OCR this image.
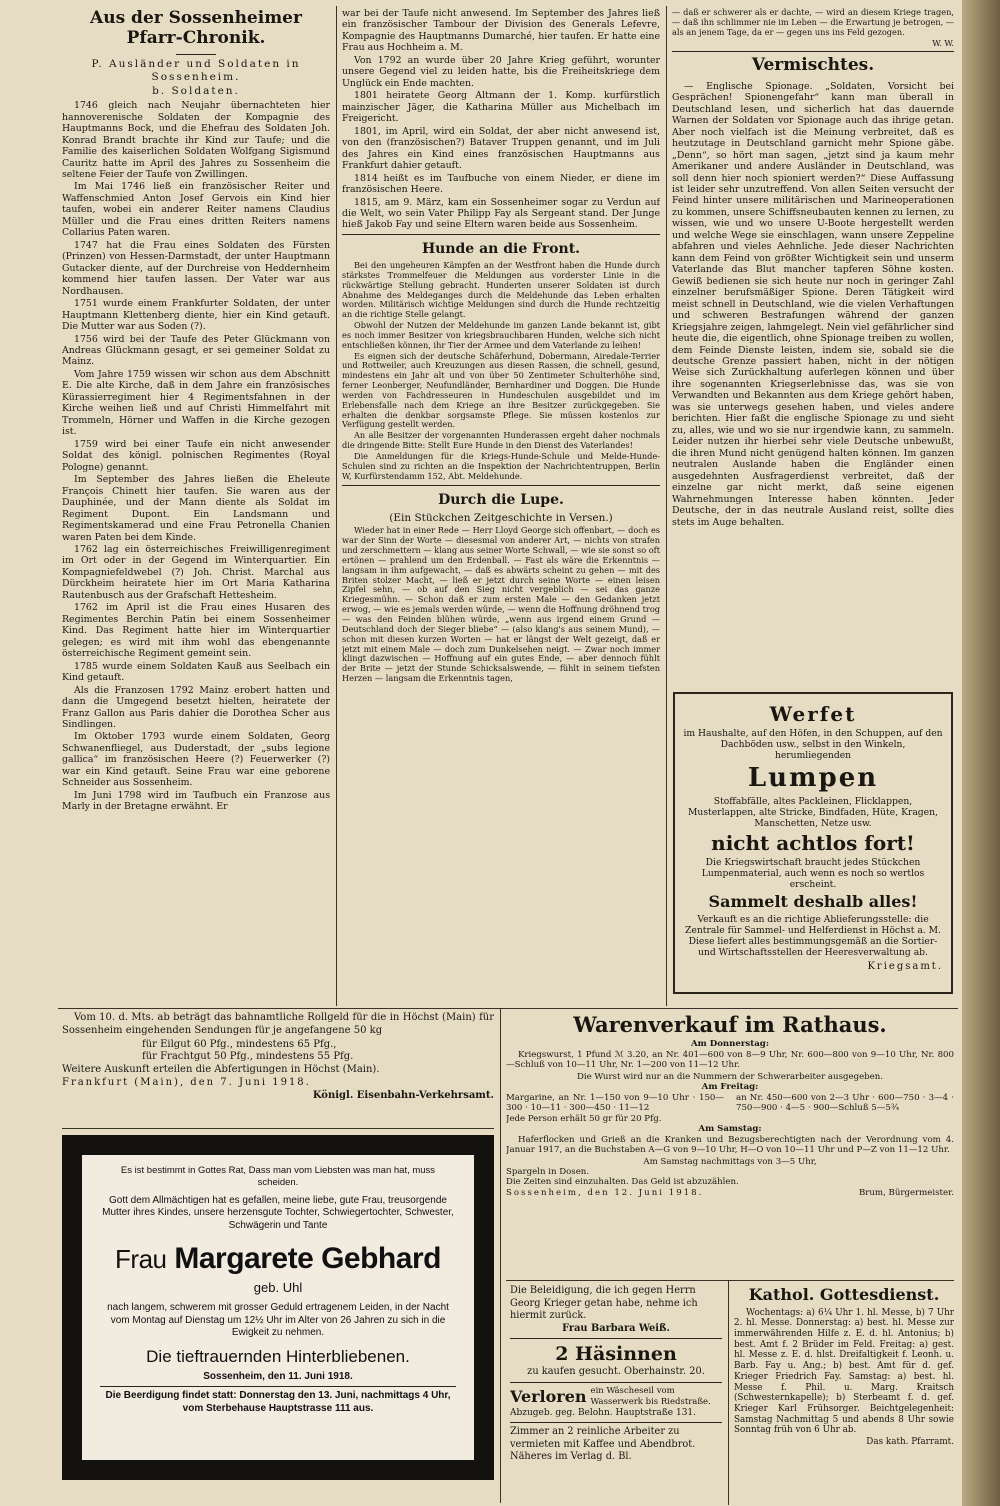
Aus der Sossenheimer Pfarr-Chronik.
P. Ausländer und Soldaten in Sossenheim.
b. Soldaten.

1746 gleich nach Neujahr übernachteten hier hannoverenische Soldaten der Kompagnie des Hauptmanns Bock, und die Ehefrau des Soldaten Joh. Konrad Brandt brachte ihr Kind zur Taufe; und die Familie des kaiserlichen Soldaten Wolfgang Sigismund Cauritz hatte im April des Jahres zu Sossenheim die seltene Feier der Taufe von Zwillingen.

Im Mai 1746 ließ ein französischer Reiter und Waffenschmied Anton Josef Gervois ein Kind hier taufen, wobei ein anderer Reiter namens Claudius Müller und die Frau eines dritten Reiters namens Collarius Paten waren.

1747 hat die Frau eines Soldaten des Fürsten (Prinzen) von Hessen-Darmstadt, der unter Hauptmann Gutacker diente, auf der Durchreise von Heddernheim kommend hier taufen lassen. Der Vater war aus Nordhausen.

1751 wurde einem Frankfurter Soldaten, der unter Hauptmann Klettenberg diente, hier ein Kind getauft. Die Mutter war aus Soden (?).

1756 wird bei der Taufe des Peter Glückmann von Andreas Glückmann gesagt, er sei gemeiner Soldat zu Mainz.

Vom Jahre 1759 wissen wir schon aus dem Abschnitt E. Die alte Kirche, daß in dem Jahre ein französisches Kürassierregiment hier 4 Regimentsfahnen in der Kirche weihen ließ und auf Christi Himmelfahrt mit Trommeln, Hörner und Waffen in die Kirche gezogen ist.

1759 wird bei einer Taufe ein nicht anwesender Soldat des königl. polnischen Regimentes (Royal Pologne) genannt.

Im September des Jahres ließen die Eheleute François Chinett hier taufen. Sie waren aus der Dauphinée, und der Mann diente als Soldat im Regiment Dupont. Ein Landsmann und Regimentskamerad und eine Frau Petronella Chanien waren Paten bei dem Kinde.

1762 lag ein österreichisches Freiwilligenregiment im Ort oder in der Gegend im Winterquartier. Ein Kompagniefeldwebel (?) Joh. Christ. Marchal aus Dürckheim heiratete hier im Ort Maria Katharina Rautenbusch aus der Grafschaft Hettesheim.

1762 im April ist die Frau eines Husaren des Regimentes Berchin Patin bei einem Sossenheimer Kind. Das Regiment hatte hier im Winterquartier gelegen; es wird mit ihm wohl das ebengenannte österreichische Regiment gemeint sein.

1785 wurde einem Soldaten Kauß aus Seelbach ein Kind getauft.

Als die Franzosen 1792 Mainz erobert hatten und dann die Umgegend besetzt hielten, heiratete der Franz Gallon aus Paris dahier die Dorothea Scher aus Sindlingen.

Im Oktober 1793 wurde einem Soldaten, Georg Schwanenfliegel, aus Duderstadt, der „subs legione gallica“ im französischen Heere (?) Feuerwerker (?) war ein Kind getauft. Seine Frau war eine geborene Schneider aus Sossenheim.

Im Juni 1798 wird im Taufbuch ein Franzose aus Marly in der Bretagne erwähnt. Er

war bei der Taufe nicht anwesend. Im September des Jahres ließ ein französischer Tambour der Division des Generals Lefevre, Kompagnie des Hauptmanns Dumarché, hier taufen. Er hatte eine Frau aus Hochheim a. M.

Von 1792 an wurde über 20 Jahre Krieg geführt, worunter unsere Gegend viel zu leiden hatte, bis die Freiheitskriege dem Unglück ein Ende machten.

1801 heiratete Georg Altmann der 1. Komp. kurfürstlich mainzischer Jäger, die Katharina Müller aus Michelbach im Freigericht.

1801, im April, wird ein Soldat, der aber nicht anwesend ist, von den (französischen?) Bataver Truppen genannt, und im Juli des Jahres ein Kind eines französischen Hauptmanns aus Frankfurt dahier getauft.

1814 heißt es im Taufbuche von einem Nieder, er diene im französischen Heere.

1815, am 9. März, kam ein Sossenheimer sogar zu Verdun auf die Welt, wo sein Vater Philipp Fay als Sergeant stand. Der Junge hieß Jakob Fay und seine Eltern waren beide aus Sossenheim.

Hunde an die Front.

Bei den ungeheuren Kämpfen an der Westfront haben die Hunde durch stärkstes Trommelfeuer die Meldungen aus vorderster Linie in die rückwärtige Stellung gebracht. Hunderten unserer Soldaten ist durch Abnahme des Meldeganges durch die Meldehunde das Leben erhalten worden. Militärisch wichtige Meldungen sind durch die Hunde rechtzeitig an die richtige Stelle gelangt.

Obwohl der Nutzen der Meldehunde im ganzen Lande bekannt ist, gibt es noch immer Besitzer von kriegsbrauchbaren Hunden, welche sich nicht entschließen können, ihr Tier der Armee und dem Vaterlande zu leihen!

Es eignen sich der deutsche Schäferhund, Dobermann, Airedale-Terrier und Rottweiler, auch Kreuzungen aus diesen Rassen, die schnell, gesund, mindestens ein Jahr alt und von über 50 Zentimeter Schulterhöhe sind, ferner Leonberger, Neufundländer, Bernhardiner und Doggen. Die Hunde werden von Fachdresseuren in Hundeschulen ausgebildet und im Erlebensfalle nach dem Kriege an ihre Besitzer zurückgegeben. Sie erhalten die denkbar sorgsamste Pflege. Sie müssen kostenlos zur Verfügung gestellt werden.

An alle Besitzer der vorgenannten Hunderassen ergeht daher nochmals die dringende Bitte: Stellt Eure Hunde in den Dienst des Vaterlandes!

Die Anmeldungen für die Kriegs-Hunde-Schule und Melde-Hunde-Schulen sind zu richten an die Inspektion der Nachrichtentruppen, Berlin W, Kurfürstendamm 152, Abt. Meldehunde.

Durch die Lupe.
(Ein Stückchen Zeitgeschichte in Versen.)

Wieder hat in einer Rede — Herr Lloyd George sich offenbart, — doch es war der Sinn der Worte — diesesmal von anderer Art, — nichts von strafen und zerschmettern — klang aus seiner Worte Schwall, — wie sie sonst so oft ertönen — prahlend um den Erdenball. — Fast als wäre die Erkenntnis — langsam in ihm aufgewacht, — daß es abwärts scheint zu gehen — mit des Briten stolzer Macht, — ließ er jetzt durch seine Worte — einen leisen Zipfel sehn, — ob auf den Sieg nicht vergeblich — sei das ganze Kriegesmühn. — Schon daß er zum ersten Male — den Gedanken jetzt erwog, — wie es jemals werden würde, — wenn die Hoffnung dröhnend trog — was den Feinden blühen würde, „wenn aus irgend einem Grund — Deutschland doch der Sieger bliebe“ — (also klang's aus seinem Mund), — schon mit diesen kurzen Worten — hat er längst der Welt gezeigt, daß er jetzt mit einem Male — doch zum Dunkelsehen neigt. — Zwar noch immer klingt dazwischen — Hoffnung auf ein gutes Ende, — aber dennoch fühlt der Brite — jetzt der Stunde Schicksalswende, — fühlt in seinem tiefsten Herzen — langsam die Erkenntnis tagen,

— daß er schwerer als er dachte, — wird an diesem Kriege tragen, — daß ihn schlimmer nie im Leben — die Erwartung je betrogen, — als an jenem Tage, da er — gegen uns ins Feld gezogen.

W. W.
Vermischtes.

— Englische Spionage. „Soldaten, Vorsicht bei Gesprächen! Spionengefahr“ kann man überall in Deutschland lesen, und sicherlich hat das dauernde Warnen der Soldaten vor Spionage auch das ihrige getan. Aber noch vielfach ist die Meinung verbreitet, daß es heutzutage in Deutschland garnicht mehr Spione gäbe. „Denn“, so hört man sagen, „jetzt sind ja kaum mehr Amerikaner und andere Ausländer in Deutschland, was soll denn hier noch spioniert werden?“ Diese Auffassung ist leider sehr unzutreffend. Von allen Seiten versucht der Feind hinter unsere militärischen und Marineoperationen zu kommen, unsere Schiffsneubauten kennen zu lernen, zu wissen, wie und wo unsere U-Boote hergestellt werden und welche Wege sie einschlagen, wann unsere Zeppeline abfahren und vieles Aehnliche. Jede dieser Nachrichten kann dem Feind von größter Wichtigkeit sein und unserm Vaterlande das Blut mancher tapferen Söhne kosten. Gewiß bedienen sie sich heute nur noch in geringer Zahl einzelner berufsmäßiger Spione. Deren Tätigkeit wird meist schnell in Deutschland, wie die vielen Verhaftungen und schweren Bestrafungen während der ganzen Kriegsjahre zeigen, lahmgelegt. Nein viel gefährlicher sind heute die, die eigentlich, ohne Spionage treiben zu wollen, dem Feinde Dienste leisten, indem sie, sobald sie die deutsche Grenze passiert haben, nicht in der nötigen Weise sich Zurückhaltung auferlegen können und über ihre sogenannten Kriegserlebnisse das, was sie von Verwandten und Bekannten aus dem Kriege gehört haben, was sie unterwegs gesehen haben, und vieles andere berichten. Hier faßt die englische Spionage zu und sieht zu, alles, wie und wo sie nur irgendwie kann, zu sammeln. Leider nutzen ihr hierbei sehr viele Deutsche unbewußt, die ihren Mund nicht genügend halten können. Im ganzen neutralen Auslande haben die Engländer einen ausgedehnten Ausfragerdienst verbreitet, daß der einzelne gar nicht merkt, daß seine eigenen Wahrnehmungen Interesse haben könnten. Jeder Deutsche, der in das neutrale Ausland reist, sollte dies stets im Auge behalten.

Werfet
im Haushalte, auf den Höfen, in den Schuppen, auf den Dachböden usw., selbst in den Winkeln, herumliegenden
Lumpen
Stoffabfälle, altes Packleinen, Flicklappen, Musterlappen, alte Stricke, Bindfaden, Hüte, Kragen, Manschetten, Netze usw.
nicht achtlos fort!
Die Kriegswirtschaft braucht jedes Stückchen Lumpenmaterial, auch wenn es noch so wertlos erscheint.
Sammelt deshalb alles!
Verkauft es an die richtige Ablieferungsstelle: die Zentrale für Sammel- und Helferdienst in Höchst a. M. Diese liefert alles bestimmungsgemäß an die Sortier- und Wirtschaftsstellen der Heeresverwaltung ab.
Kriegsamt.

Vom 10. d. Mts. ab beträgt das bahnamtliche Rollgeld für die in Höchst (Main) für Sossenheim eingehenden Sendungen für je angefangene 50 kg

für Eilgut 60 Pfg., mindestens 65 Pfg.,
für Frachtgut 50 Pfg., mindestens 55 Pfg.
Weitere Auskunft erteilen die Abfertigungen in Höchst (Main).
Frankfurt (Main), den 7. Juni 1918.
Königl. Eisenbahn-Verkehrsamt.
Es ist bestimmt in Gottes Rat, Dass man vom Liebsten was man hat, muss scheiden.
Gott dem Allmächtigen hat es gefallen, meine liebe, gute Frau, treusorgende Mutter ihres Kindes, unsere herzensgute Tochter, Schwiegertochter, Schwester, Schwägerin und Tante
Frau Margarete Gebhard
geb. Uhl
nach langem, schwerem mit grosser Geduld ertragenem Leiden, in der Nacht vom Montag auf Dienstag um 12½ Uhr im Alter von 26 Jahren zu sich in die Ewigkeit zu nehmen.
Die tieftrauernden Hinterbliebenen.
Sossenheim, den 11. Juni 1918.
Die Beerdigung findet statt: Donnerstag den 13. Juni, nachmittags 4 Uhr, vom Sterbehause Hauptstrasse 111 aus.
Warenverkauf im Rathaus.
Am Donnerstag:

Kriegswurst, 1 Pfund ℳ 3.20, an Nr. 401—600 von 8—9 Uhr, Nr. 600—800 von 9—10 Uhr, Nr. 800—Schluß von 10—11 Uhr, Nr. 1—200 von 11—12 Uhr.

Die Wurst wird nur an die Nummern der Schwerarbeiter ausgegeben.
Am Freitag:
Margarine, an Nr. 1—150 von 9—10 Uhr · 150—300 · 10—11 · 300—450 · 11—12
an Nr. 450—600 von 2—3 Uhr · 600—750 · 3—4 · 750—900 · 4—5 · 900—Schluß 5—5¾
Jede Person erhält 50 gr für 20 Pfg.
Am Samstag:

Haferflocken und Grieß an die Kranken und Bezugsberechtigten nach der Verordnung vom 4. Januar 1917, an die Buchstaben A—G von 9—10 Uhr, H—O von 10—11 Uhr und P—Z von 11—12 Uhr.

Am Samstag nachmittags von 3—5 Uhr,
Spargeln in Dosen.
Die Zeiten sind einzuhalten. Das Geld ist abzuzählen.
Sossenheim, den 12. Juni 1918.	Brum, Bürgermeister.
Die Beleidigung, die ich gegen Herrn Georg Krieger getan habe, nehme ich hiermit zurück.
Frau Barbara Weiß.
2 Häsinnen
zu kaufen gesucht. Oberhainstr. 20.
Verloren ein Wäscheseil vom Wasserwerk bis Riedstraße.
Abzugeb. geg. Belohn. Hauptstraße 131.
Zimmer an 2 reinliche Arbeiter zu vermieten mit Kaffee und Abendbrot. Näheres im Verlag d. Bl.
Kathol. Gottesdienst.

Wochentags: a) 6¼ Uhr 1. hl. Messe, b) 7 Uhr 2. hl. Messe. Donnerstag: a) best. hl. Messe zur immerwährenden Hilfe z. E. d. hl. Antonius; b) best. Amt f. 2 Brüder im Feld. Freitag: a) gest. hl. Messe z. E. d. hlst. Dreifaltigkeit f. Leonh. u. Barb. Fay u. Ang.; b) best. Amt für d. gef. Krieger Friedrich Fay. Samstag: a) best. hl. Messe f. Phil. u. Marg. Kraitsch (Schwesternkapelle); b) Sterbeamt f. d. gef. Krieger Karl Frühsorger. Beichtgelegenheit: Samstag Nachmittag 5 und abends 8 Uhr sowie Sonntag früh von 6 Uhr ab.

Das kath. Pfarramt.
